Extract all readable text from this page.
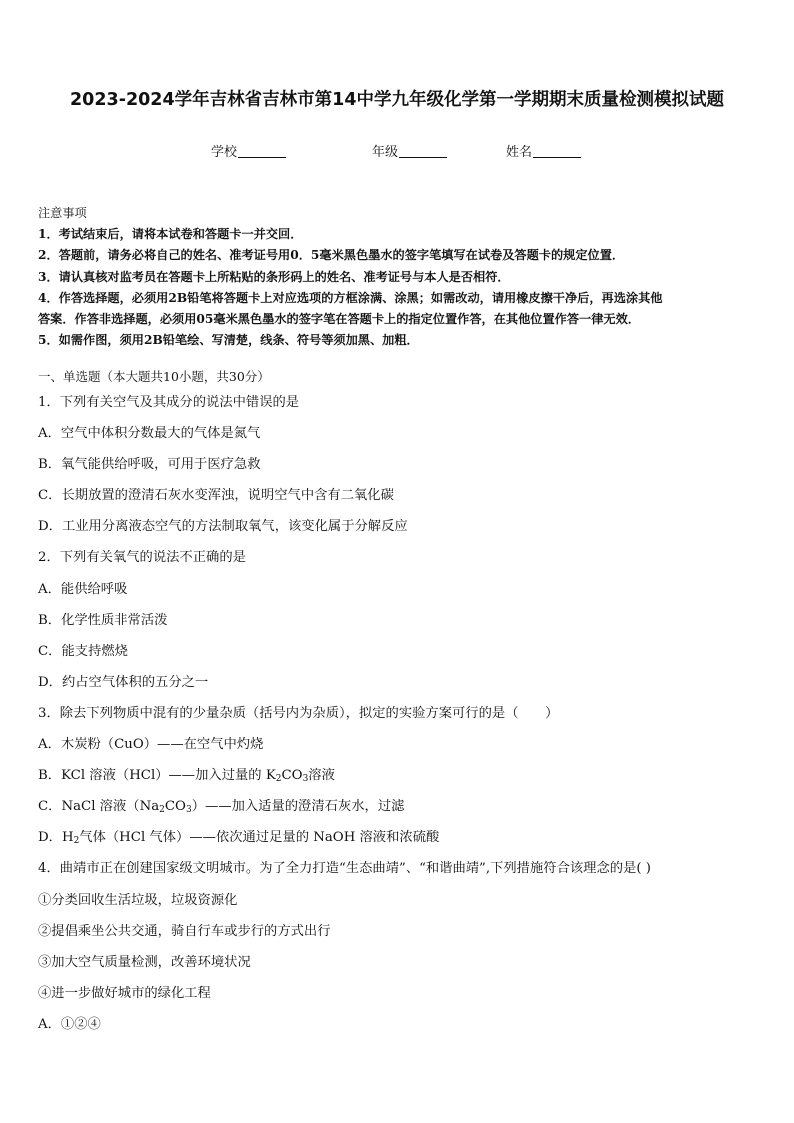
2023-2024学年吉林省吉林市第14中学九年级化学第一学期期末质量检测模拟试题
学校	年级	姓名

注意事项

1．考试结束后，请将本试卷和答题卡一并交回．

2．答题前，请务必将自己的姓名、准考证号用0．5毫米黑色墨水的签字笔填写在试卷及答题卡的规定位置．

3．请认真核对监考员在答题卡上所粘贴的条形码上的姓名、准考证号与本人是否相符．

4．作答选择题，必须用2B铅笔将答题卡上对应选项的方框涂满、涂黑；如需改动，请用橡皮擦干净后，再选涂其他

答案．作答非选择题，必须用05毫米黑色墨水的签字笔在答题卡上的指定位置作答，在其他位置作答一律无效．

5．如需作图，须用2B铅笔绘、写清楚，线条、符号等须加黑、加粗．

一、单选题（本大题共10小题，共30分）
1．下列有关空气及其成分的说法中错误的是
A．空气中体积分数最大的气体是氮气
B．氧气能供给呼吸，可用于医疗急救
C．长期放置的澄清石灰水变浑浊，说明空气中含有二氧化碳
D．工业用分离液态空气的方法制取氧气，该变化属于分解反应
2．下列有关氧气的说法不正确的是
A．能供给呼吸
B．化学性质非常活泼
C．能支持燃烧
D．约占空气体积的五分之一
3．除去下列物质中混有的少量杂质（括号内为杂质），拟定的实验方案可行的是（　　）
A．木炭粉（CuO）——在空气中灼烧
B．KCl 溶液（HCl）——加入过量的 $K_2CO_3$溶液
C．NaCl 溶液$(Na_2CO_3)——$加入适量的澄清石灰水，过滤
D．$H_2$气体（HCl 气体）——依次通过足量的 NaOH 溶液和浓硫酸
4．曲靖市正在创建国家级文明城市。为了全力打造“生态曲靖”、“和谐曲靖”,下列措施符合该理念的是( )
①分类回收生活垃圾，垃圾资源化
②提倡乘坐公共交通，骑自行车或步行的方式出行
③加大空气质量检测，改善环境状况
④进一步做好城市的绿化工程
A．①②④
